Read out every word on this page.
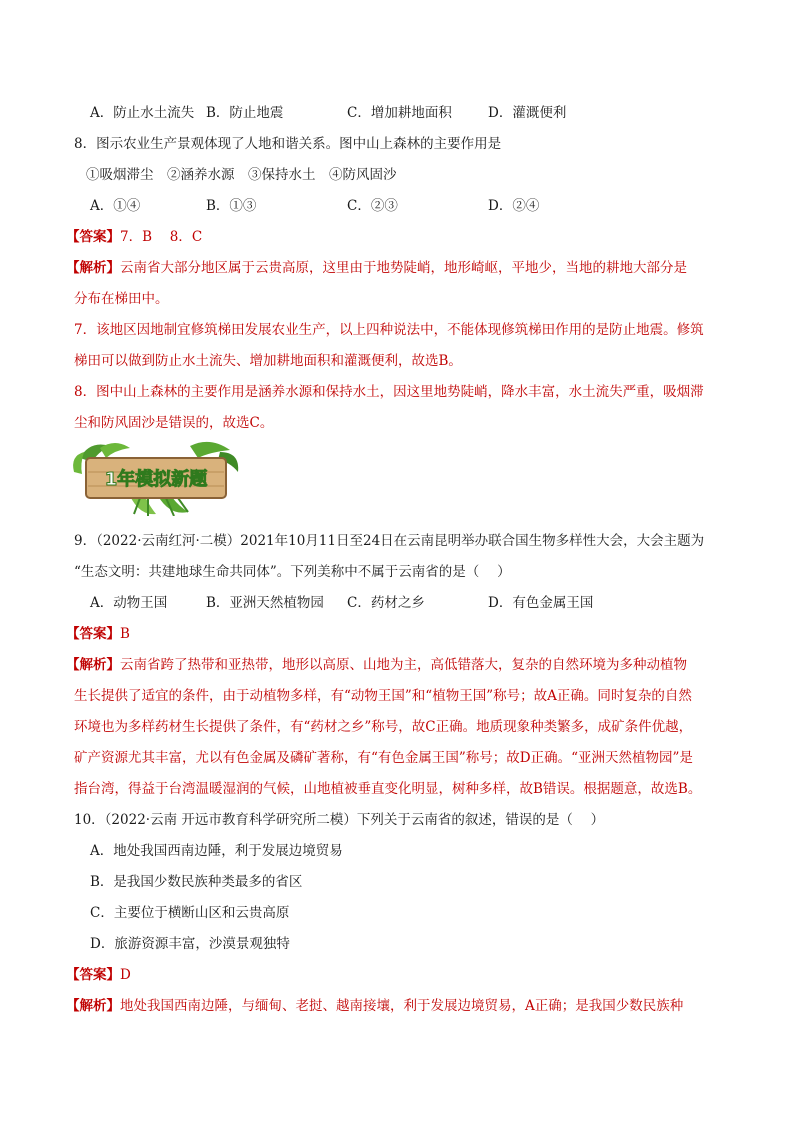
A．防止水土流失 B．防止地震	C．增加耕地面积	D．灌溉便利
8．图示农业生产景观体现了人地和谐关系。图中山上森林的主要作用是
①吸烟滞尘　②涵养水源　③保持水土　④防风固沙
A．①④	B．①③	C．②③	D．②④
【答案】7．B　 8．C
【解析】云南省大部分地区属于云贵高原，这里由于地势陡峭，地形崎岖，平地少，当地的耕地大部分是
分布在梯田中。
7．该地区因地制宜修筑梯田发展农业生产，以上四种说法中，不能体现修筑梯田作用的是防止地震。修筑
梯田可以做到防止水土流失、增加耕地面积和灌溉便利，故选B。
8．图中山上森林的主要作用是涵养水源和保持水土，因这里地势陡峭，降水丰富，水土流失严重，吸烟滞
尘和防风固沙是错误的，故选C。
1年模拟新题
9．（2022·云南红河·二模）2021年10月11日至24日在云南昆明举办联合国生物多样性大会，大会主题为
“生态文明：共建地球生命共同体”。下列美称中不属于云南省的是（　 ）
A．动物王国	B．亚洲天然植物园 C．药材之乡	D．有色金属王国
【答案】B
【解析】云南省跨了热带和亚热带，地形以高原、山地为主，高低错落大，复杂的自然环境为多种动植物
生长提供了适宜的条件，由于动植物多样，有“动物王国”和“植物王国”称号；故A正确。同时复杂的自然
环境也为多样药材生长提供了条件，有“药材之乡”称号，故C正确。地质现象种类繁多，成矿条件优越，
矿产资源尤其丰富，尤以有色金属及磷矿著称，有“有色金属王国”称号；故D正确。“亚洲天然植物园”是
指台湾，得益于台湾温暖湿润的气候，山地植被垂直变化明显，树种多样，故B错误。根据题意，故选B。
10．（2022·云南 开远市教育科学研究所二模）下列关于云南省的叙述，错误的是（　 ）
A．地处我国西南边陲，利于发展边境贸易
B．是我国少数民族种类最多的省区
C．主要位于横断山区和云贵高原
D．旅游资源丰富，沙漠景观独特
【答案】D
【解析】地处我国西南边陲，与缅甸、老挝、越南接壤，利于发展边境贸易，A正确；是我国少数民族种
